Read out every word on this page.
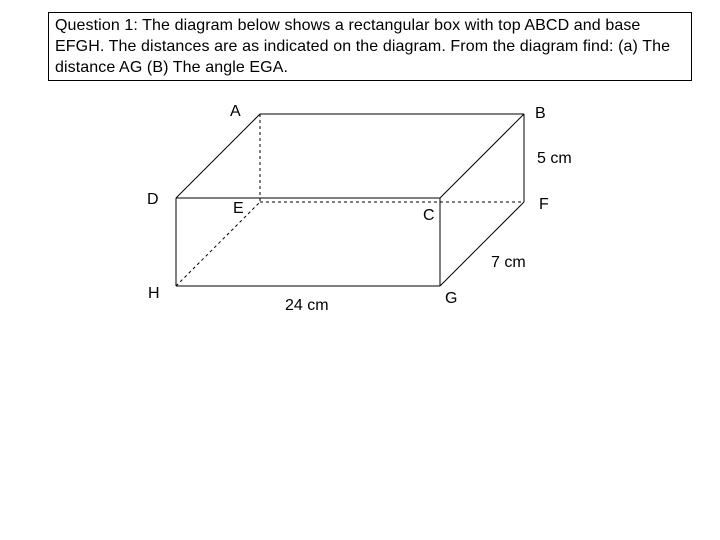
Question 1: The diagram below shows a rectangular box with top ABCD and base EFGH. The distances are as indicated on the diagram. From the diagram find: (a) The distance AG (B) The angle EGA.
A	B
D
E	C
F
H	G
5 cm
7 cm
24 cm
